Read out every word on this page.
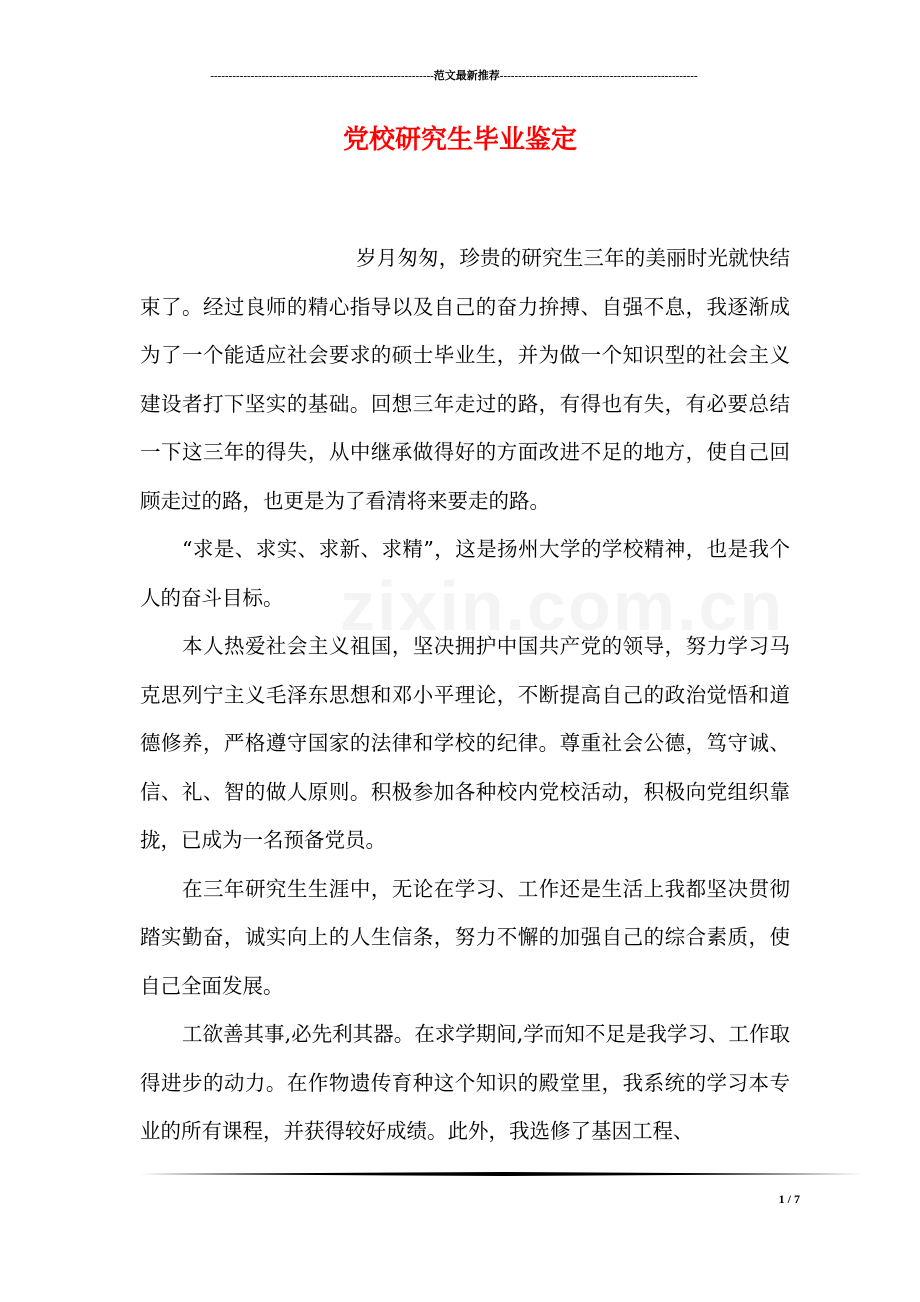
-------------------------------------------------------------范文最新推荐------------------------------------------------------
党校研究生毕业鉴定

岁月匆匆，珍贵的研究生三年的美丽时光就快结束了。经过良师的精心指导以及自己的奋力拚搏、自强不息，我逐渐成为了一个能适应社会要求的硕士毕业生，并为做一个知识型的社会主义建设者打下坚实的基础。回想三年走过的路，有得也有失，有必要总结一下这三年的得失，从中继承做得好的方面改进不足的地方，使自己回顾走过的路，也更是为了看清将来要走的路。

“求是、求实、求新、求精”，这是扬州大学的学校精神，也是我个人的奋斗目标。

本人热爱社会主义祖国，坚决拥护中国共产党的领导，努力学习马克思列宁主义毛泽东思想和邓小平理论，不断提高自己的政治觉悟和道德修养，严格遵守国家的法律和学校的纪律。尊重社会公德，笃守诚、信、礼、智的做人原则。积极参加各种校内党校活动，积极向党组织靠拢，已成为一名预备党员。

在三年研究生生涯中，无论在学习、工作还是生活上我都坚决贯彻踏实勤奋，诚实向上的人生信条，努力不懈的加强自己的综合素质，使自己全面发展。

工欲善其事,必先利其器。在求学期间,学而知不足是我学习、工作取得进步的动力。在作物遗传育种这个知识的殿堂里，我系统的学习本专业的所有课程，并获得较好成绩。此外，我选修了基因工程、

1 / 7
